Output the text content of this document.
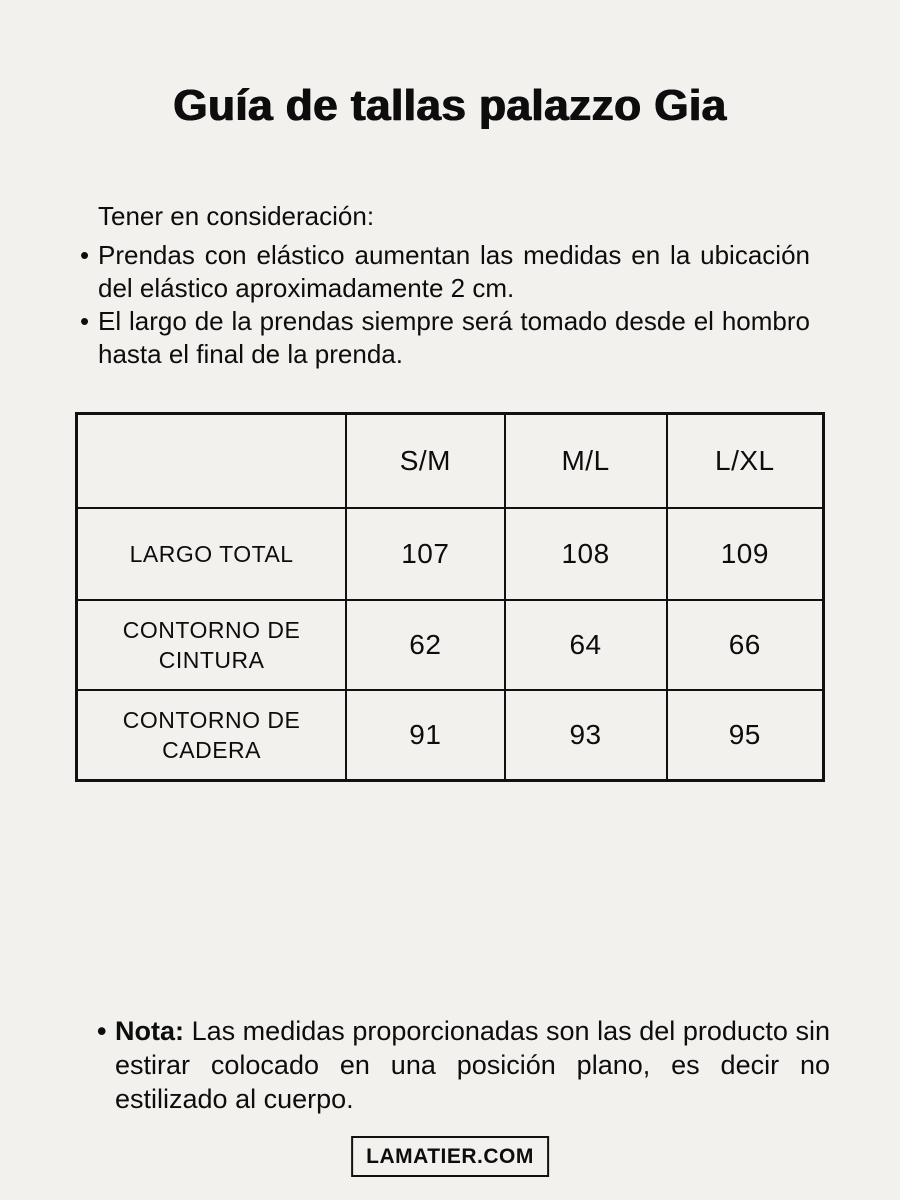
Guía de tallas palazzo Gia
Tener en consideración:
• Prendas con elástico aumentan las medidas en la ubicación del elástico aproximadamente 2 cm.
• El largo de la prendas siempre será tomado desde el hombro hasta el final de la prenda.
	S/M	M/L	L/XL
LARGO TOTAL	107	108	109
CONTORNO DE CINTURA	62	64	66
CONTORNO DE CADERA	91	93	95
• Nota: Las medidas proporcionadas son las del producto sin estirar colocado en una posición plano, es decir no estilizado al cuerpo.
LAMATIER.COM
